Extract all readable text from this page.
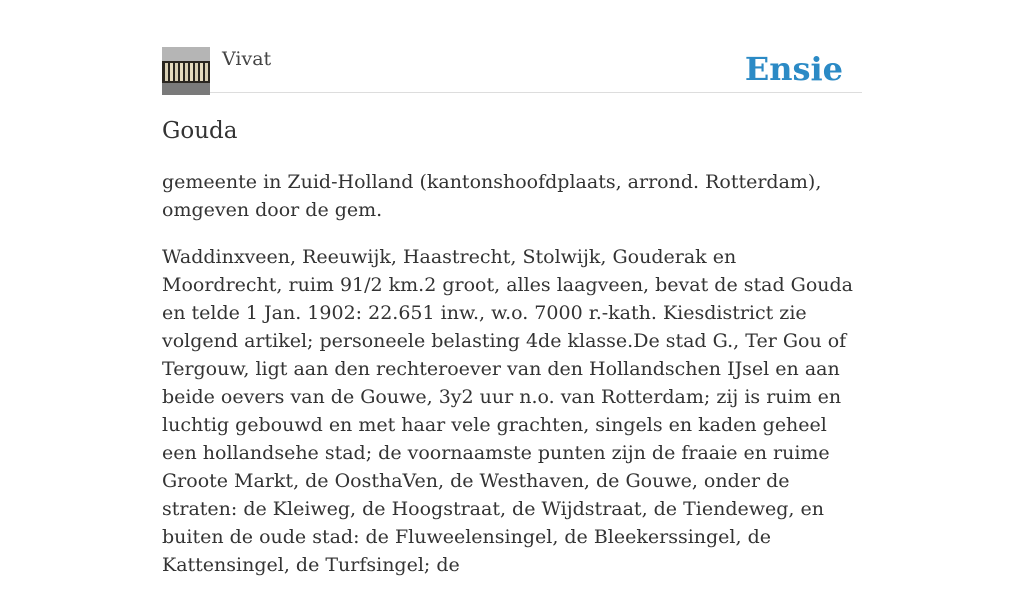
Vivat	Ensie
Gouda

gemeente in Zuid-Holland (kantonshoofdplaats, arrond. Rotterdam), omgeven door de gem.

Waddinxveen, Reeuwijk, Haastrecht, Stolwijk, Gouderak en Moordrecht, ruim 91/2 km.2 groot, alles laagveen, bevat de stad Gouda en telde 1 Jan. 1902: 22.651 inw., w.o. 7000 r.-kath. Kiesdistrict zie volgend artikel; personeele belasting 4de klasse.De stad G., Ter Gou of Tergouw, ligt aan den rechteroever van den Hollandschen IJsel en aan beide oevers van de Gouwe, 3y2 uur n.o. van Rotterdam; zij is ruim en luchtig gebouwd en met haar vele grachten, singels en kaden geheel een hollandsehe stad; de voornaamste punten zijn de fraaie en ruime Groote Markt, de OosthaVen, de Westhaven, de Gouwe, onder de straten: de Kleiweg, de Hoogstraat, de Wijdstraat, de Tiendeweg, en buiten de oude stad: de Fluweelensingel, de Bleekerssingel, de Kattensingel, de Turfsingel; de
